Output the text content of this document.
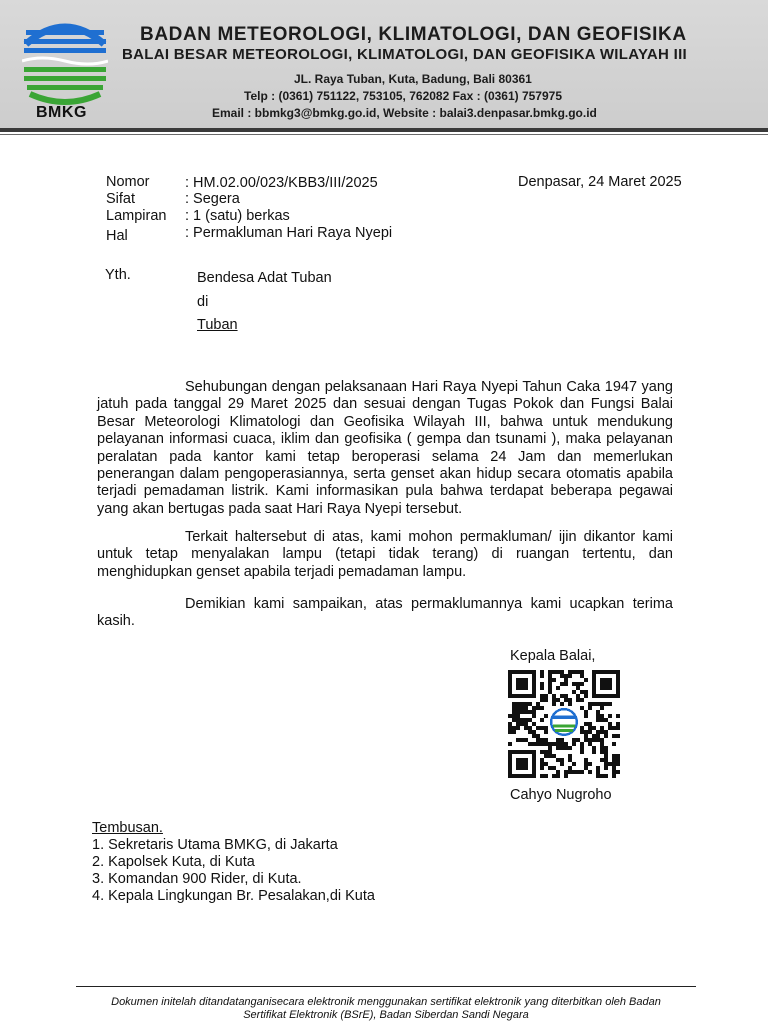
BMKG
BADAN METEOROLOGI, KLIMATOLOGI, DAN GEOFISIKA
BALAI BESAR METEOROLOGI, KLIMATOLOGI, DAN GEOFISIKA WILAYAH III
JL. Raya Tuban, Kuta, Badung, Bali 80361
Telp : (0361) 751122, 753105, 762082 Fax : (0361) 757975
Email : bbmkg3@bmkg.go.id, Website : balai3.denpasar.bmkg.go.id
Nomor : HM.02.00/023/KBB3/III/2025	Denpasar, 24 Maret 2025
Sifat	: Segera
Lampiran : 1 (satu) berkas
Hal	: Permakluman Hari Raya Nyepi
Yth.	Bendesa Adat Tuban
di
Tuban

Sehubungan dengan pelaksanaan Hari Raya Nyepi Tahun Caka 1947 yang jatuh pada tanggal 29 Maret 2025 dan sesuai dengan Tugas Pokok dan Fungsi Balai Besar Meteorologi Klimatologi dan Geofisika Wilayah III, bahwa untuk mendukung pelayanan informasi cuaca, iklim dan geofisika ( gempa dan tsunami ), maka pelayanan peralatan pada kantor kami tetap beroperasi selama 24 Jam dan memerlukan penerangan dalam pengoperasiannya, serta genset akan hidup secara otomatis apabila terjadi pemadaman listrik. Kami informasikan pula bahwa terdapat beberapa pegawai yang akan bertugas pada saat Hari Raya Nyepi tersebut.

Terkait haltersebut di atas, kami mohon permakluman/ ijin dikantor kami untuk tetap menyalakan lampu (tetapi tidak terang) di ruangan tertentu, dan menghidupkan genset apabila terjadi pemadaman lampu.

Demikian kami sampaikan, atas permaklumannya kami ucapkan terima kasih.

Kepala Balai,
Cahyo Nugroho
Tembusan.
1. Sekretaris Utama BMKG, di Jakarta
2. Kapolsek Kuta, di Kuta
3. Komandan 900 Rider, di Kuta.
4. Kepala Lingkungan Br. Pesalakan,di Kuta
Dokumen initelah ditandatanganisecara elektronik menggunakan sertifikat elektronik yang diterbitkan oleh Badan
Sertifikat Elektronik (BSrE), Badan Siberdan Sandi Negara
